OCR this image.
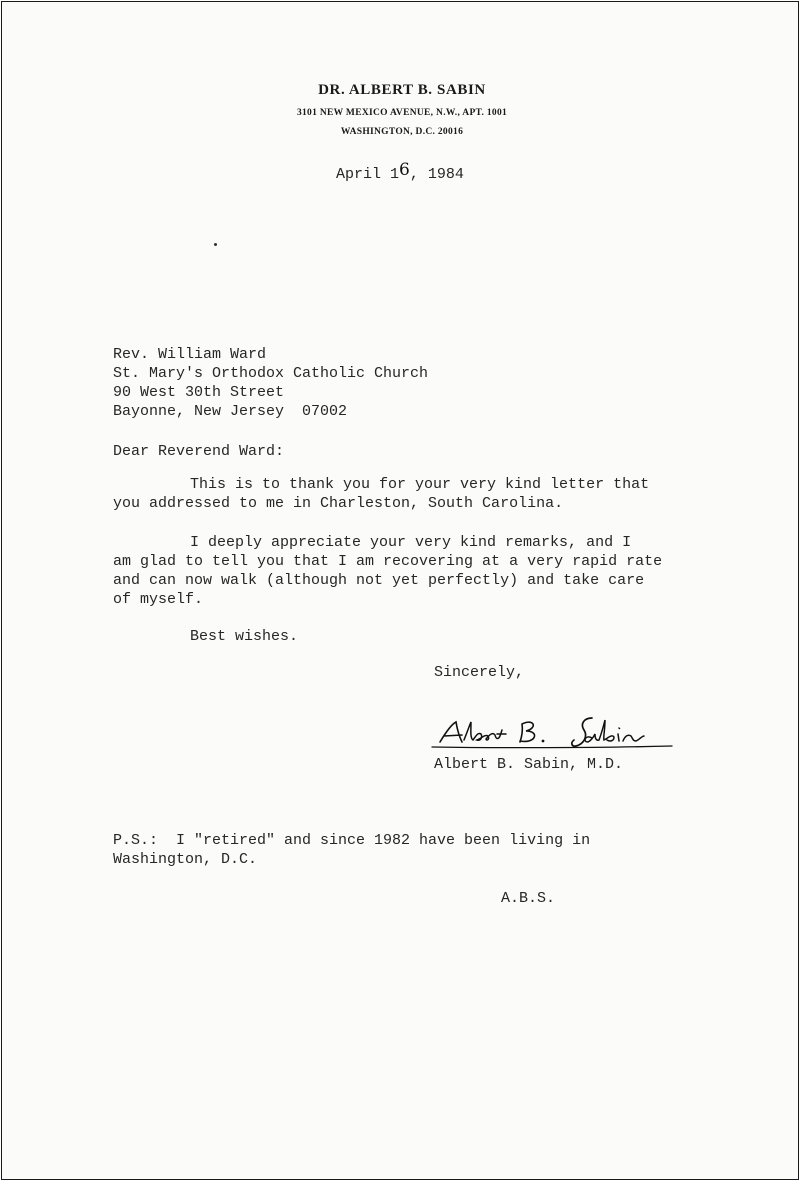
DR. ALBERT B. SABIN
3101 NEW MEXICO AVENUE, N.W., APT. 1001
WASHINGTON, D.C. 20016
April 16, 1984
Rev. William Ward
St. Mary's Orthodox Catholic Church
90 West 30th Street
Bayonne, New Jersey  07002
Dear Reverend Ward:
This is to thank you for your very kind letter that
you addressed to me in Charleston, South Carolina.
I deeply appreciate your very kind remarks, and I
am glad to tell you that I am recovering at a very rapid rate
and can now walk (although not yet perfectly) and take care
of myself.
Best wishes.
Sincerely,
Albert B. Sabin, M.D.
P.S.:  I "retired" and since 1982 have been living in
Washington, D.C.
A.B.S.
